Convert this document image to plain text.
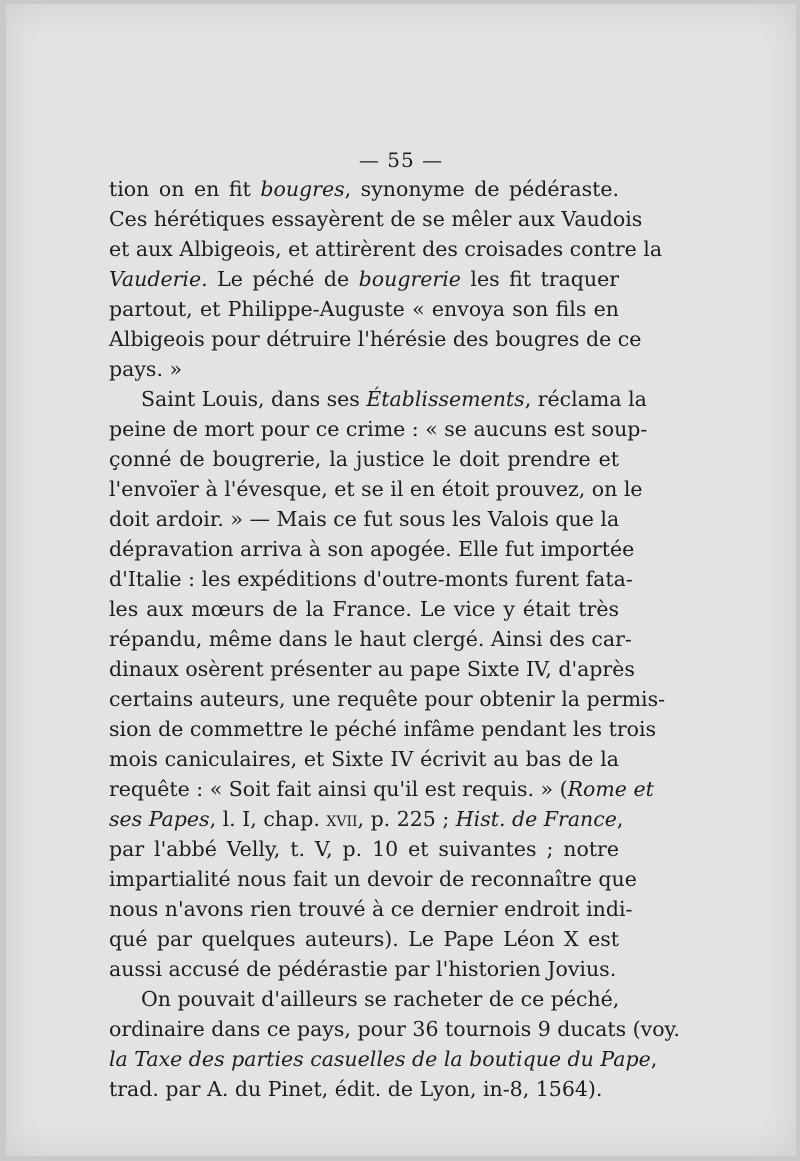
— 55 —
tion on en fit bougres, synonyme de pédéraste.
Ces hérétiques essayèrent de se mêler aux Vaudois
et aux Albigeois, et attirèrent des croisades contre la
Vauderie. Le péché de bougrerie les fit traquer
partout, et Philippe-Auguste « envoya son fils en
Albigeois pour détruire l'hérésie des bougres de ce
pays. »
Saint Louis, dans ses Établissements, réclama la
peine de mort pour ce crime : « se aucuns est soup-
çonné de bougrerie, la justice le doit prendre et
l'envoïer à l'évesque, et se il en étoit prouvez, on le
doit ardoir. » — Mais ce fut sous les Valois que la
dépravation arriva à son apogée. Elle fut importée
d'Italie : les expéditions d'outre-monts furent fata-
les aux mœurs de la France. Le vice y était très
répandu, même dans le haut clergé. Ainsi des car-
dinaux osèrent présenter au pape Sixte IV, d'après
certains auteurs, une requête pour obtenir la permis-
sion de commettre le péché infâme pendant les trois
mois caniculaires, et Sixte IV écrivit au bas de la
requête : « Soit fait ainsi qu'il est requis. » (Rome et
ses Papes, l. I, chap. xvii, p. 225 ; Hist. de France,
par l'abbé Velly, t. V, p. 10 et suivantes ; notre
impartialité nous fait un devoir de reconnaître que
nous n'avons rien trouvé à ce dernier endroit indi-
qué par quelques auteurs). Le Pape Léon X est
aussi accusé de pédérastie par l'historien Jovius.
On pouvait d'ailleurs se racheter de ce péché,
ordinaire dans ce pays, pour 36 tournois 9 ducats (voy.
la Taxe des parties casuelles de la boutique du Pape,
trad. par A. du Pinet, édit. de Lyon, in-8, 1564).
